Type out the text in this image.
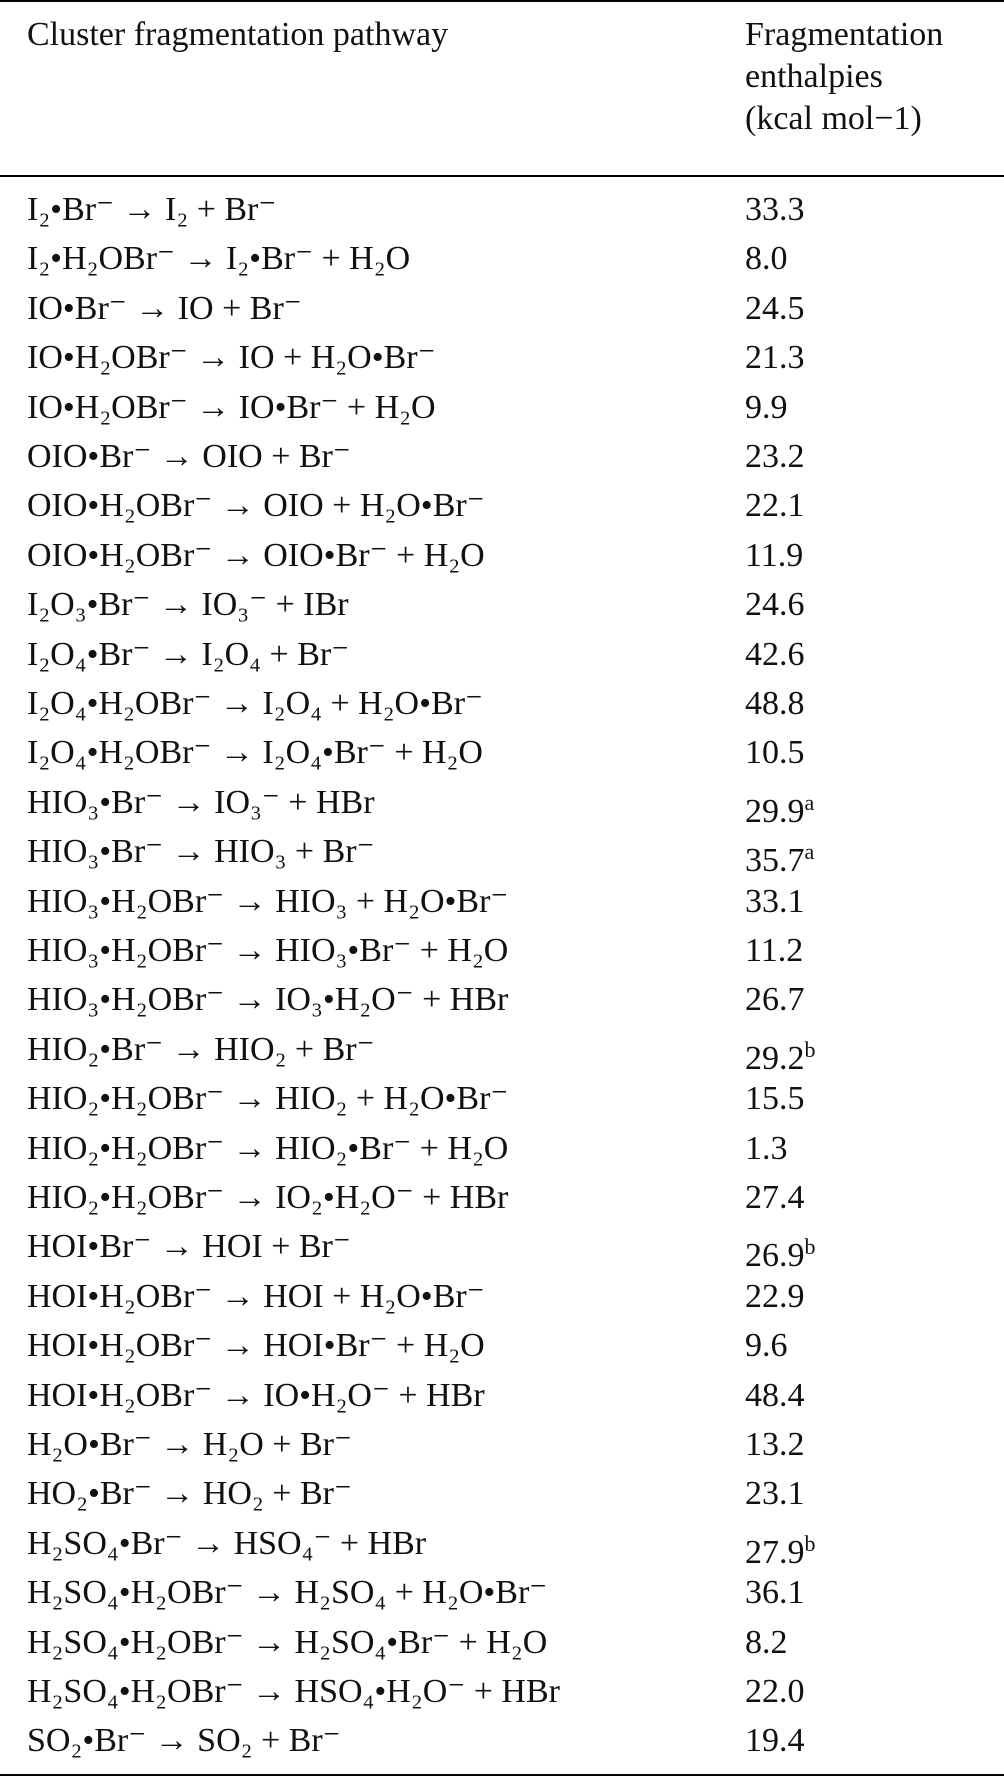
Cluster fragmentation pathway	Fragmentation
enthalpies
(kcal mol−1)
I₂•Br⁻ → I₂ + Br⁻	33.3
I₂•H₂OBr⁻ → I₂•Br⁻ + H₂O	8.0
IO•Br⁻ → IO + Br⁻	24.5
IO•H₂OBr⁻ → IO + H₂O•Br⁻	21.3
IO•H₂OBr⁻ → IO•Br⁻ + H₂O	9.9
OIO•Br⁻ → OIO + Br⁻	23.2
OIO•H₂OBr⁻ → OIO + H₂O•Br⁻	22.1
OIO•H₂OBr⁻ → OIO•Br⁻ + H₂O	11.9
I₂O₃•Br⁻ → IO₃⁻ + IBr	24.6
I₂O₄•Br⁻ → I₂O₄ + Br⁻	42.6
I₂O₄•H₂OBr⁻ → I₂O₄ + H₂O•Br⁻	48.8
I₂O₄•H₂OBr⁻ → I₂O₄•Br⁻ + H₂O	10.5
HIO₃•Br⁻ → IO₃⁻ + HBr	29.9$^a$
HIO₃•Br⁻ → HIO₃ + Br⁻	35.7$^a$
HIO₃•H₂OBr⁻ → HIO₃ + H₂O•Br⁻	33.1
HIO₃•H₂OBr⁻ → HIO₃•Br⁻ + H₂O	11.2
HIO₃•H₂OBr⁻ → IO₃•H₂O⁻ + HBr	26.7
HIO₂•Br⁻ → HIO₂ + Br⁻	29.2$^b$
HIO₂•H₂OBr⁻ → HIO₂ + H₂O•Br⁻	15.5
HIO₂•H₂OBr⁻ → HIO₂•Br⁻ + H₂O	1.3
HIO₂•H₂OBr⁻ → IO₂•H₂O⁻ + HBr	27.4
HOI•Br⁻ → HOI + Br⁻	26.9$^b$
HOI•H₂OBr⁻ → HOI + H₂O•Br⁻	22.9
HOI•H₂OBr⁻ → HOI•Br⁻ + H₂O	9.6
HOI•H₂OBr⁻ → IO•H₂O⁻ + HBr	48.4
H₂O•Br⁻ → H₂O + Br⁻	13.2
HO₂•Br⁻ → HO₂ + Br⁻	23.1
H₂SO₄•Br⁻ → HSO₄⁻ + HBr	27.9$^b$
H₂SO₄•H₂OBr⁻ → H₂SO₄ + H₂O•Br⁻	36.1
H₂SO₄•H₂OBr⁻ → H₂SO₄•Br⁻ + H₂O	8.2
H₂SO₄•H₂OBr⁻ → HSO₄•H₂O⁻ + HBr	22.0
SO₂•Br⁻ → SO₂ + Br⁻	19.4
